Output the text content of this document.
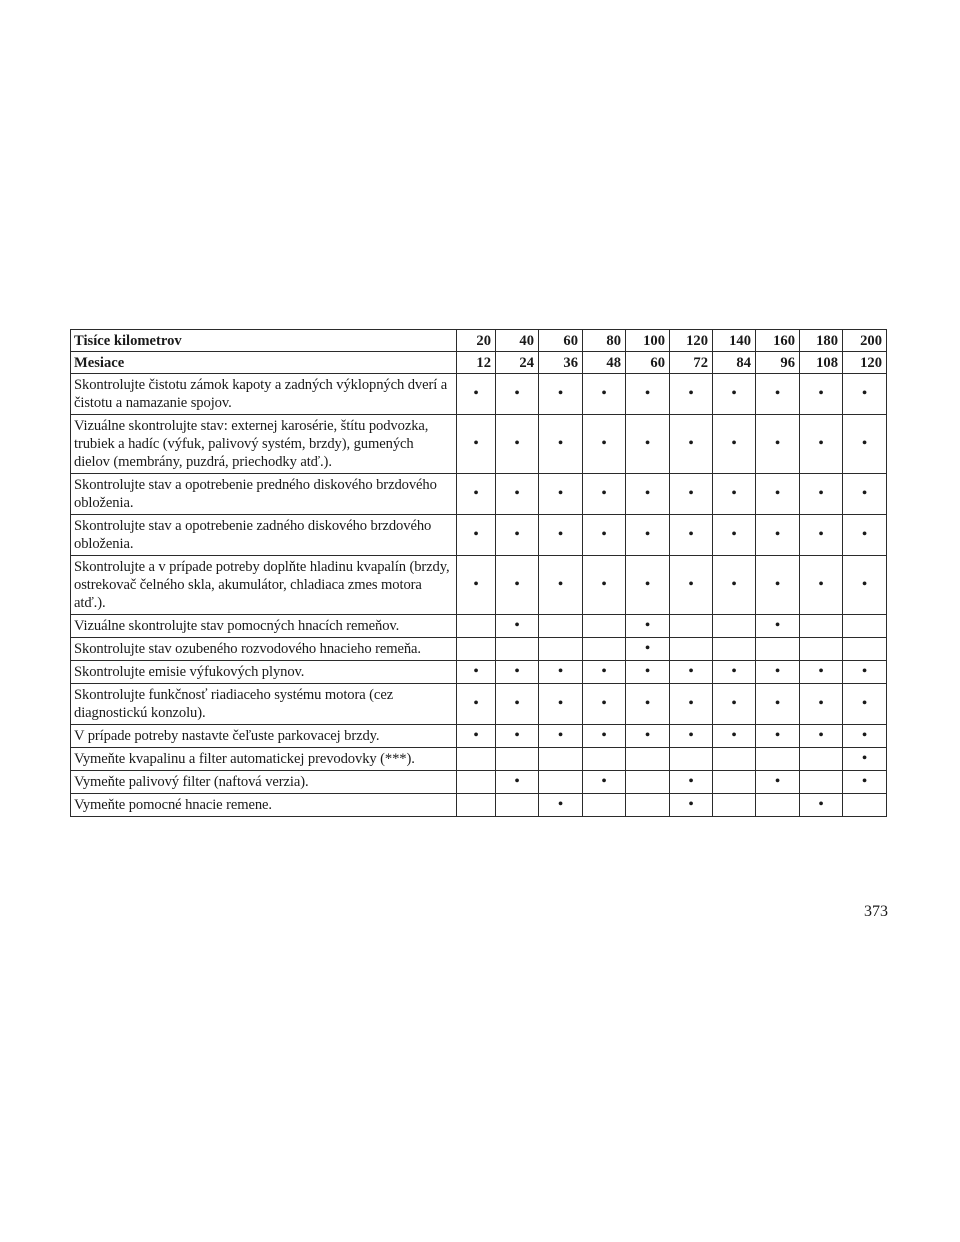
Tisíce kilometrov	20	40	60	80	100	120	140	160	180	200
Mesiace	12	24	36	48	60	72	84	96	108	120
Skontrolujte čistotu zámok kapoty a zadných výklopných dverí a čistotu a namazanie spojov.	•	•	•	•	•	•	•	•	•	•
Vizuálne skontrolujte stav: externej karosérie, štítu podvozka, trubiek a hadíc (výfuk, palivový systém, brzdy), gumených dielov (membrány, puzdrá, priechodky atď.).	•	•	•	•	•	•	•	•	•	•
Skontrolujte stav a opotrebenie predného diskového brzdového obloženia.	•	•	•	•	•	•	•	•	•	•
Skontrolujte stav a opotrebenie zadného diskového brzdového obloženia.	•	•	•	•	•	•	•	•	•	•
Skontrolujte a v prípade potreby doplňte hladinu kvapalín (brzdy, ostrekovač čelného skla, akumulátor, chladiaca zmes motora atď.).	•	•	•	•	•	•	•	•	•	•
Vizuálne skontrolujte stav pomocných hnacích remeňov.		•			•			•		
Skontrolujte stav ozubeného rozvodového hnacieho remeňa.					•					
Skontrolujte emisie výfukových plynov.	•	•	•	•	•	•	•	•	•	•
Skontrolujte funkčnosť riadiaceho systému motora (cez diagnostickú konzolu).	•	•	•	•	•	•	•	•	•	•
V prípade potreby nastavte čeľuste parkovacej brzdy.	•	•	•	•	•	•	•	•	•	•
Vymeňte kvapalinu a filter automatickej prevodovky (***).										•
Vymeňte palivový filter (naftová verzia).		•		•		•		•		•
Vymeňte pomocné hnacie remene.			•			•			•	
373
